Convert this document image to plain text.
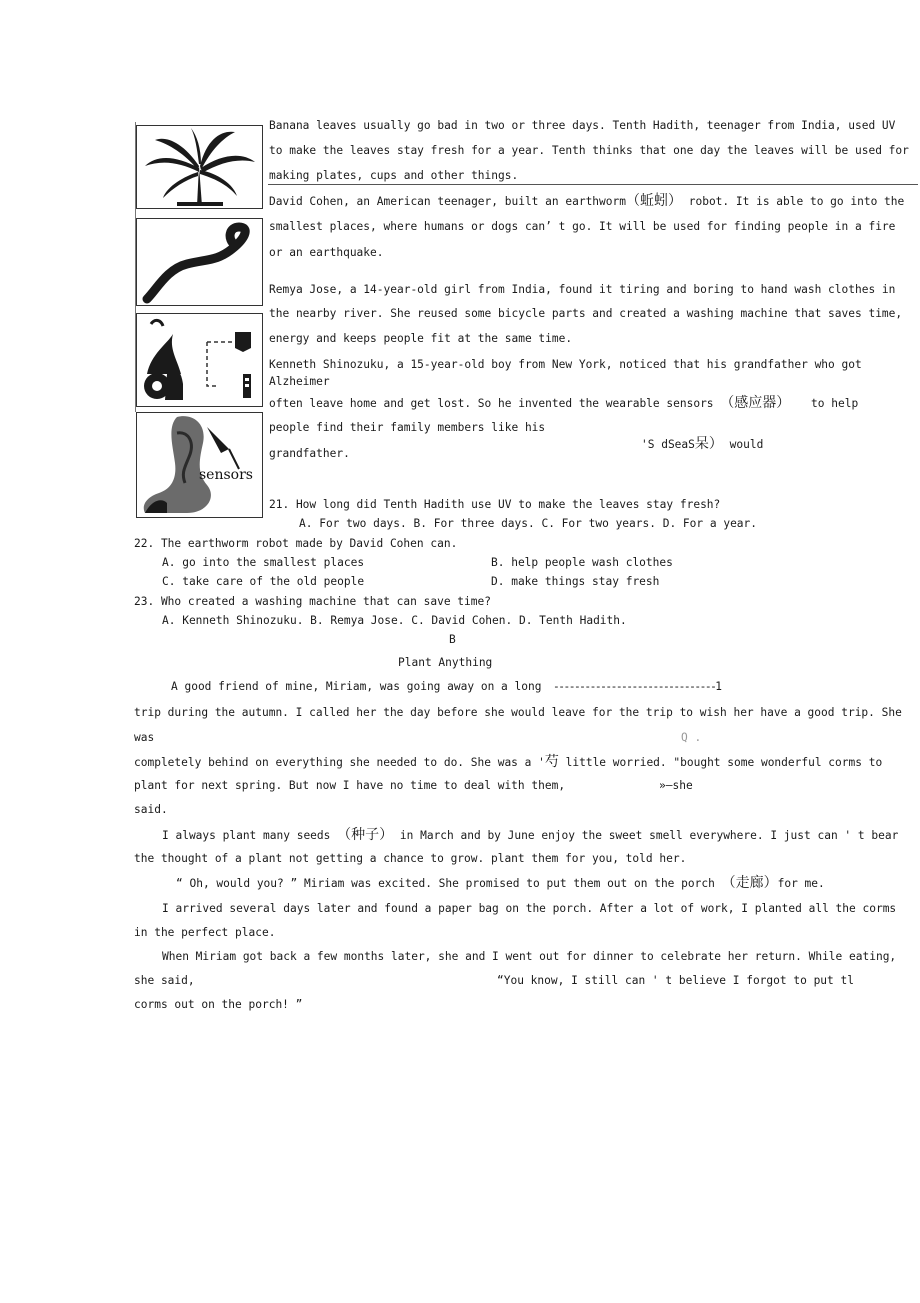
sensors
Banana leaves usually go bad in two or three days. Tenth Hadith, teenager from India, used UV
to make the leaves stay fresh for a year. Tenth thinks that one day the leaves will be used for
making plates, cups and other things.
David Cohen, an American teenager, built an earthworm（蚯蚓） robot. It is able to go into the
smallest places, where humans or dogs can’ t go. It will be used for finding people in a fire
or an earthquake.
Remya Jose, a 14-year-old girl from India, found it tiring and boring to hand wash clothes in
the nearby river. She reused some bicycle parts and created a washing machine that saves time,
energy and keeps people fit at the same time.
Kenneth Shinozuku, a 15-year-old boy from New York, noticed that his grandfather who got
Alzheimer
often leave home and get lost. So he invented the wearable sensors （感应器） to help
people find their family members like his
'S dSeaS呆） would
grandfather.
21. How long did Tenth Hadith use UV to make the leaves stay fresh?
A. For two days. B. For three days. C. For two years. D. For a year.
22. The earthworm robot made by David Cohen can.
A. go into the smallest places	B. help people wash clothes
C. take care of the old people	D. make things stay fresh
23. Who created a washing machine that can save time?
A. Kenneth Shinozuku. B. Remya Jose. C. David Cohen. D. Tenth Hadith.
B
Plant Anything
A good friend of mine, Miriam, was going away on a long -------------------------------1
trip during the autumn. I called her the day before she would leave for the trip to wish her have a good trip. She
was	Q .
completely behind on everything she needed to do. She was a '芍 little worried. "bought some wonderful corms to
plant for next spring. But now I have no time to deal with them,	»—she
said.
I always plant many seeds （种子） in March and by June enjoy the sweet smell everywhere. I just can ' t bear
the thought of a plant not getting a chance to grow. plant them for you, told her.
“ Oh, would you? ” Miriam was excited. She promised to put them out on the porch （走廊）for me.
I arrived several days later and found a paper bag on the porch. After a lot of work, I planted all the corms
in the perfect place.
When Miriam got back a few months later, she and I went out for dinner to celebrate her return. While eating,
she said,	“You know, I still can ' t believe I forgot to put tl
corms out on the porch! ”
